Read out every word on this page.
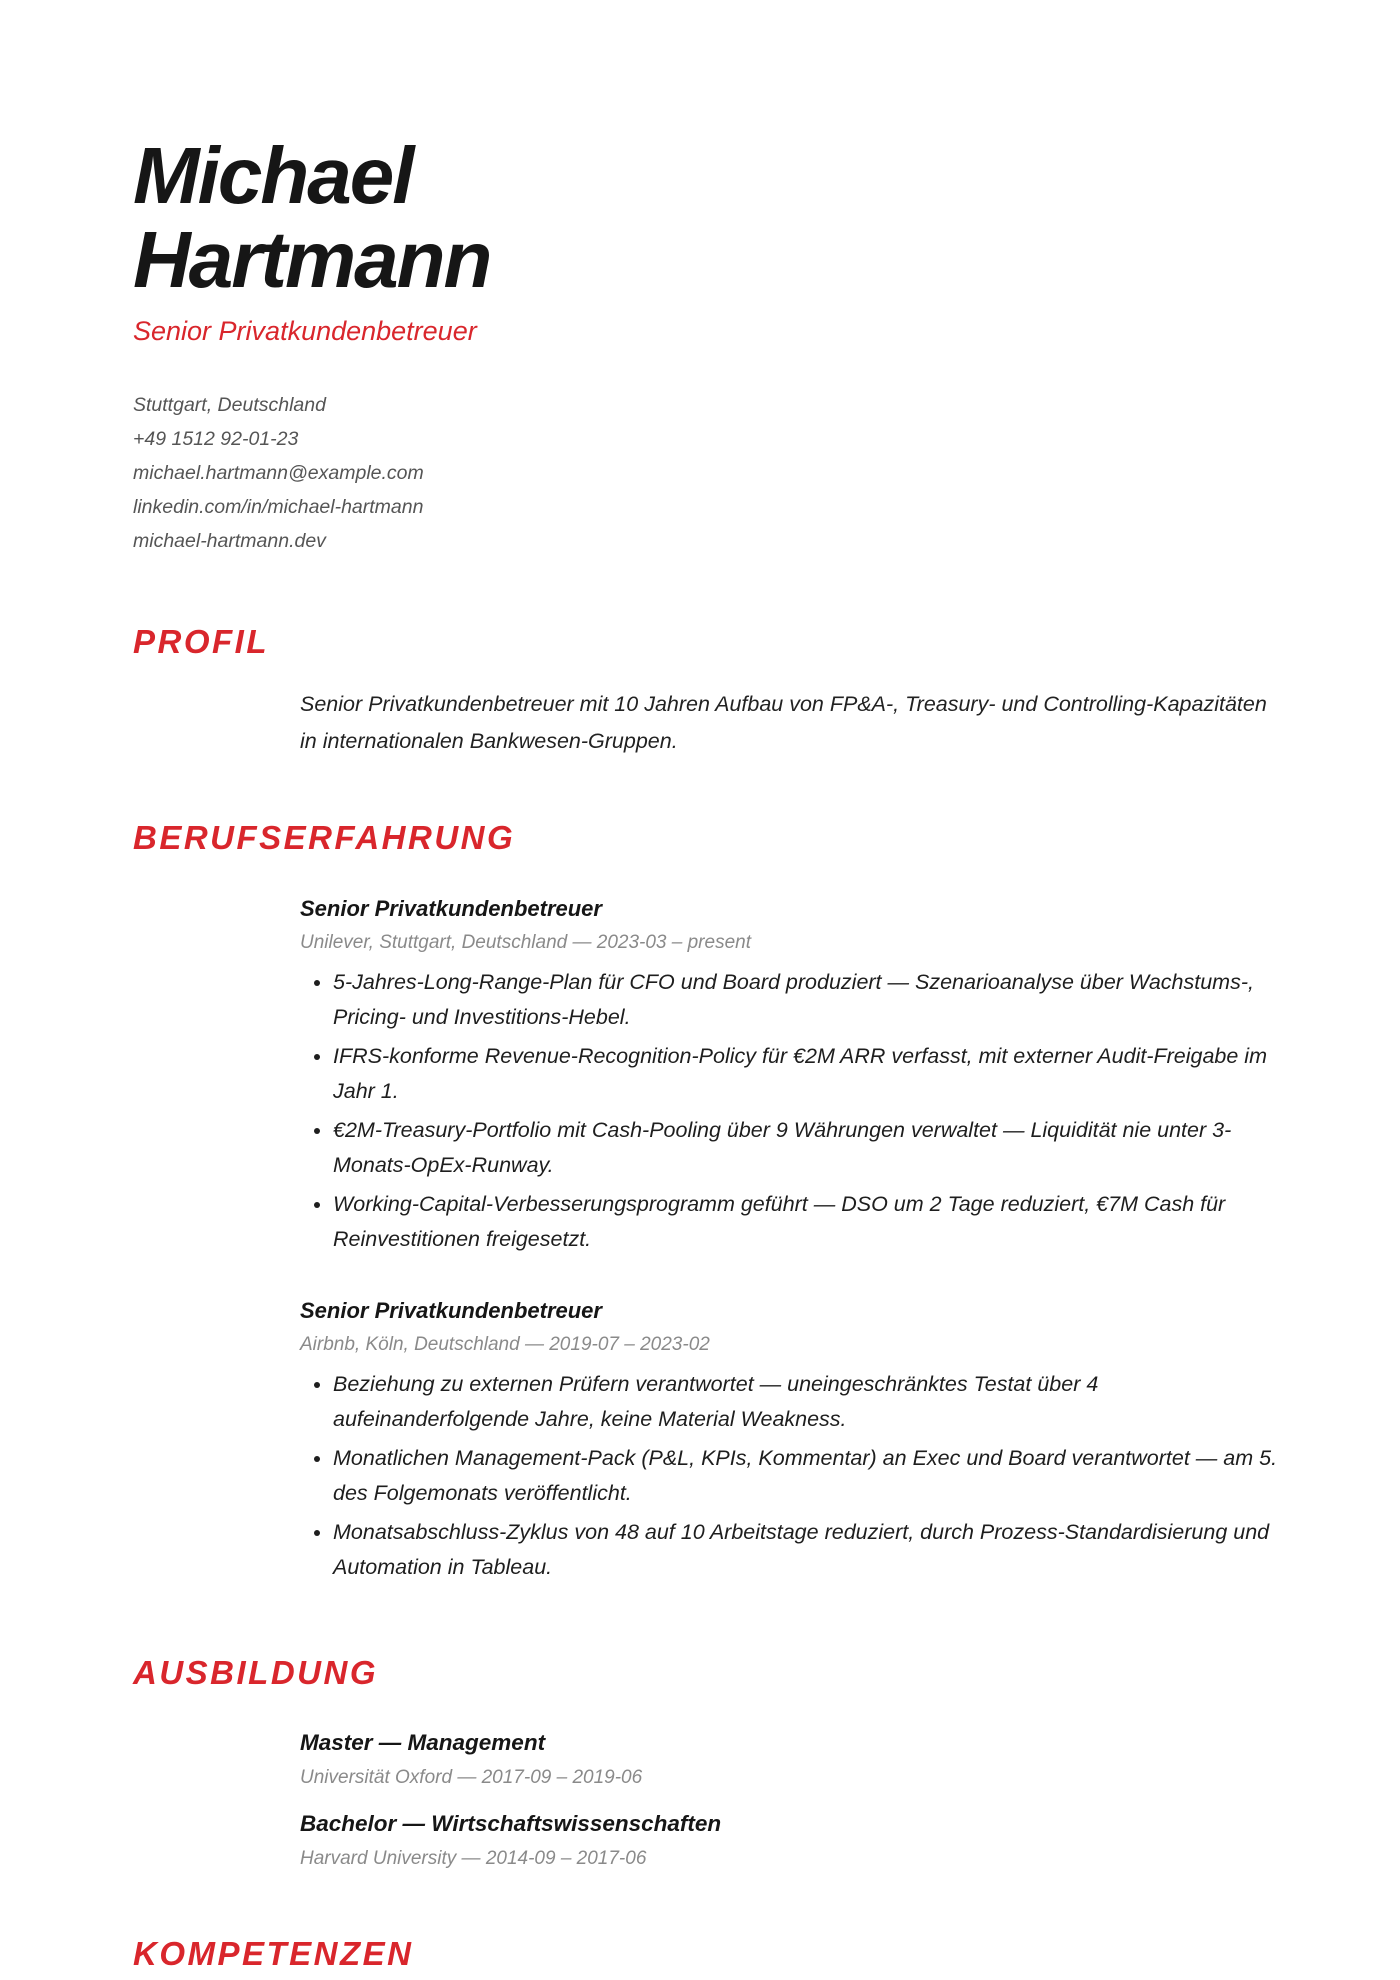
Michael
Hartmann
Senior Privatkundenbetreuer
Stuttgart, Deutschland
+49 1512 92-01-23
michael.hartmann@example.com
linkedin.com/in/michael-hartmann
michael-hartmann.dev
PROFIL
Senior Privatkundenbetreuer mit 10 Jahren Aufbau von FP&A-, Treasury- und Controlling-Kapazitäten in internationalen Bankwesen-Gruppen.
BERUFSERFAHRUNG
Senior Privatkundenbetreuer
Unilever, Stuttgart, Deutschland — 2023-03 – present
• 5-Jahres-Long-Range-Plan für CFO und Board produziert — Szenarioanalyse über Wachstums-, Pricing- und Investitions-Hebel.
• IFRS-konforme Revenue-Recognition-Policy für €2M ARR verfasst, mit externer Audit-Freigabe im Jahr 1.
• €2M-Treasury-Portfolio mit Cash-Pooling über 9 Währungen verwaltet — Liquidität nie unter 3-Monats-OpEx-Runway.
• Working-Capital-Verbesserungsprogramm geführt — DSO um 2 Tage reduziert, €7M Cash für Reinvestitionen freigesetzt.
Senior Privatkundenbetreuer
Airbnb, Köln, Deutschland — 2019-07 – 2023-02
• Beziehung zu externen Prüfern verantwortet — uneingeschränktes Testat über 4 aufeinanderfolgende Jahre, keine Material Weakness.
• Monatlichen Management-Pack (P&L, KPIs, Kommentar) an Exec und Board verantwortet — am 5. des Folgemonats veröffentlicht.
• Monatsabschluss-Zyklus von 48 auf 10 Arbeitstage reduziert, durch Prozess-Standardisierung und Automation in Tableau.
AUSBILDUNG
Master — Management
Universität Oxford — 2017-09 – 2019-06
Bachelor — Wirtschaftswissenschaften
Harvard University — 2014-09 – 2017-06
KOMPETENZEN
